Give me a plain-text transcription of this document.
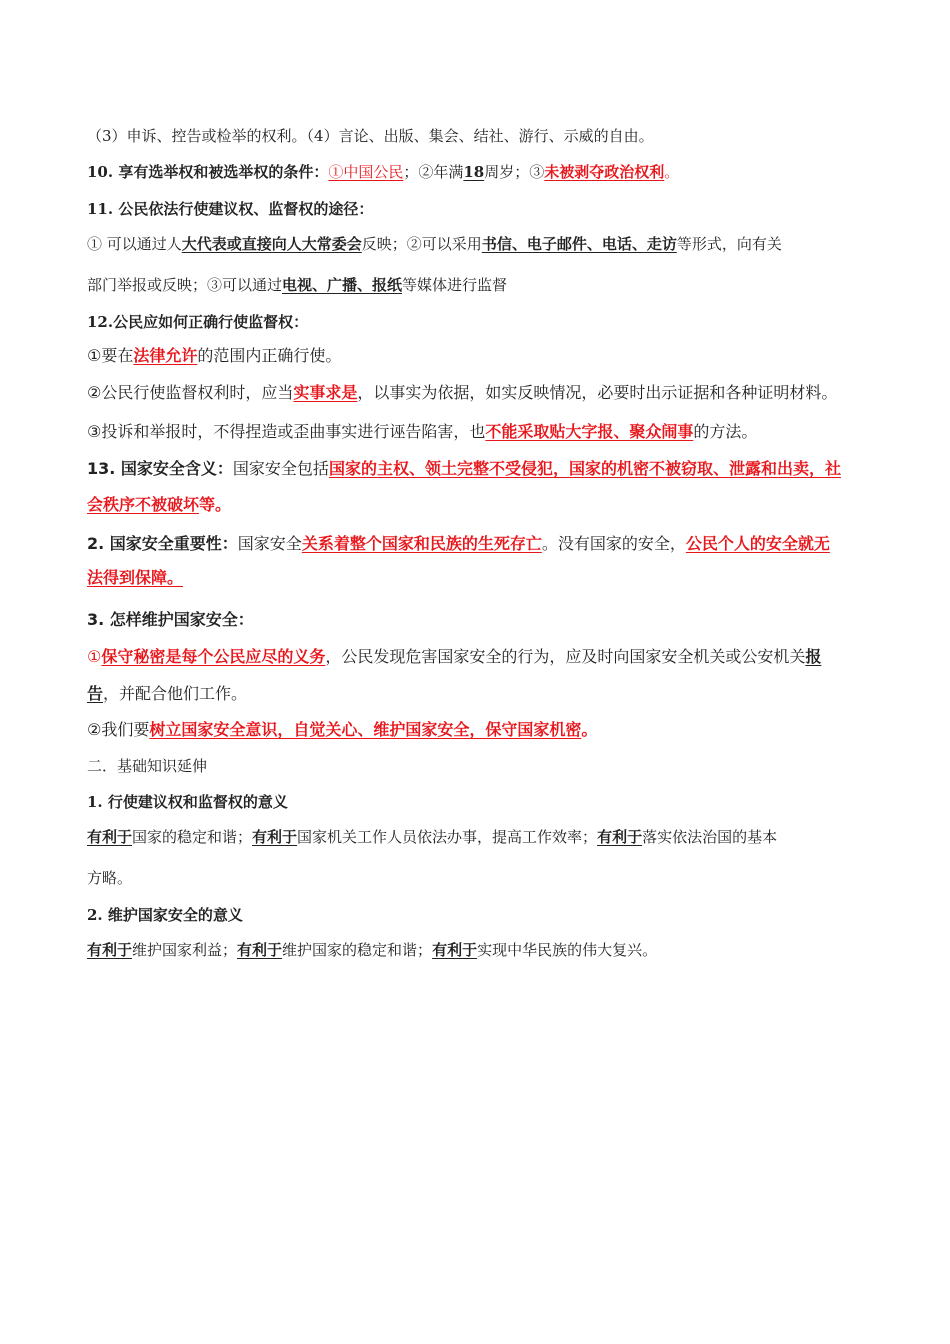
（3）申诉、控告或检举的权利。（4）言论、出版、集会、结社、游行、示威的自由。
10. 享有选举权和被选举权的条件：①中国公民；②年满18周岁；③未被剥夺政治权利。
11. 公民依法行使建议权、监督权的途径：
① 可以通过人大代表或直接向人大常委会反映；②可以采用书信、电子邮件、电话、走访等形式，向有关
部门举报或反映；③可以通过电视、广播、报纸等媒体进行监督
12.公民应如何正确行使监督权：
①要在法律允许的范围内正确行使。
②公民行使监督权利时，应当实事求是，以事实为依据，如实反映情况，必要时出示证据和各种证明材料。
③投诉和举报时，不得捏造或歪曲事实进行诬告陷害，也不能采取贴大字报、聚众闹事的方法。
13. 国家安全含义：国家安全包括国家的主权、领土完整不受侵犯，国家的机密不被窃取、泄露和出卖，社
会秩序不被破坏等。
2. 国家安全重要性：国家安全关系着整个国家和民族的生死存亡。没有国家的安全，公民个人的安全就无
法得到保障。
3. 怎样维护国家安全：
①保守秘密是每个公民应尽的义务，公民发现危害国家安全的行为，应及时向国家安全机关或公安机关报
告，并配合他们工作。
②我们要树立国家安全意识，自觉关心、维护国家安全，保守国家机密。
二．基础知识延伸
1. 行使建议权和监督权的意义
有利于国家的稳定和谐；有利于国家机关工作人员依法办事，提高工作效率；有利于落实依法治国的基本
方略。
2. 维护国家安全的意义
有利于维护国家利益；有利于维护国家的稳定和谐；有利于实现中华民族的伟大复兴。
